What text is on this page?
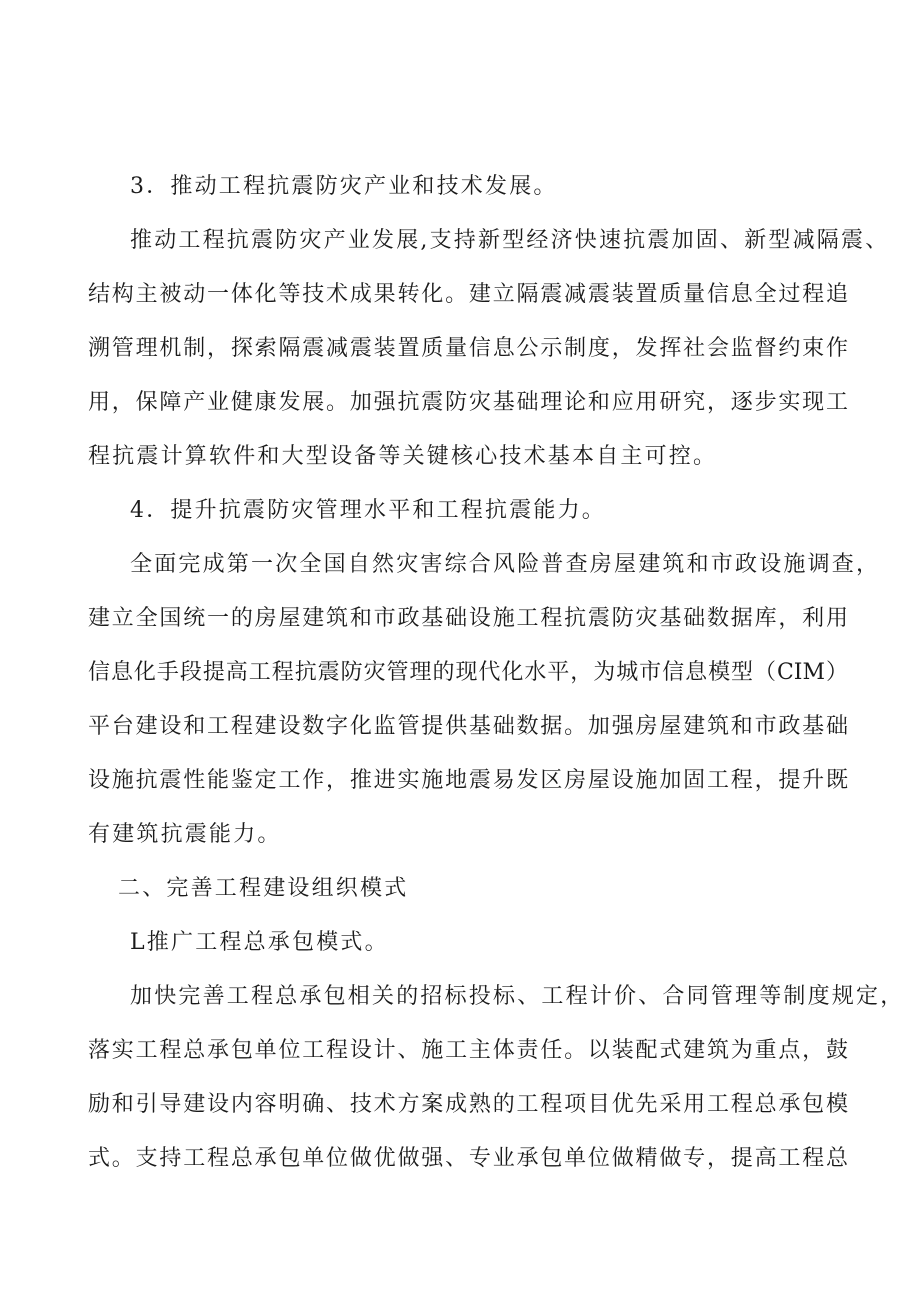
3．推动工程抗震防灾产业和技术发展。
推动工程抗震防灾产业发展,支持新型经济快速抗震加固、新型减隔震、
结构主被动一体化等技术成果转化。建立隔震减震装置质量信息全过程追
溯管理机制，探索隔震减震装置质量信息公示制度，发挥社会监督约束作
用，保障产业健康发展。加强抗震防灾基础理论和应用研究，逐步实现工
程抗震计算软件和大型设备等关键核心技术基本自主可控。
4．提升抗震防灾管理水平和工程抗震能力。
全面完成第一次全国自然灾害综合风险普查房屋建筑和市政设施调查，
建立全国统一的房屋建筑和市政基础设施工程抗震防灾基础数据库，利用
信息化手段提高工程抗震防灾管理的现代化水平，为城市信息模型（CIM）
平台建设和工程建设数字化监管提供基础数据。加强房屋建筑和市政基础
设施抗震性能鉴定工作，推进实施地震易发区房屋设施加固工程，提升既
有建筑抗震能力。
二、完善工程建设组织模式
L推广工程总承包模式。
加快完善工程总承包相关的招标投标、工程计价、合同管理等制度规定，
落实工程总承包单位工程设计、施工主体责任。以装配式建筑为重点，鼓
励和引导建设内容明确、技术方案成熟的工程项目优先采用工程总承包模
式。支持工程总承包单位做优做强、专业承包单位做精做专，提高工程总
